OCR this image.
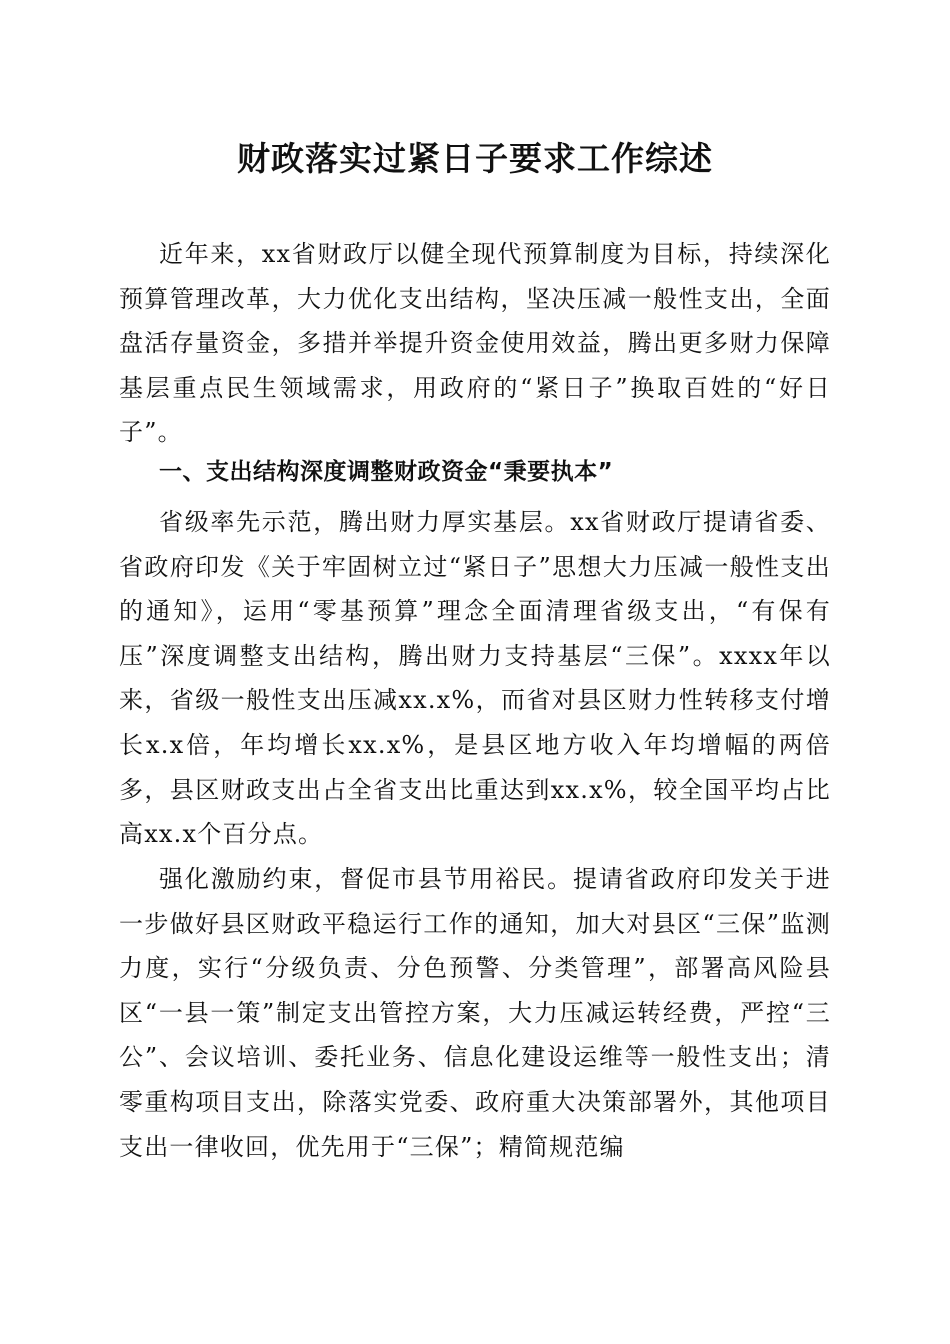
财政落实过紧日子要求工作综述
近年来，xx省财政厅以健全现代预算制度为目标，持续深化预算管理改革，大力优化支出结构，坚决压减一般性支出，全面盘活存量资金，多措并举提升资金使用效益，腾出更多财力保障基层重点民生领域需求，用政府的“紧日子”换取百姓的“好日子”。
一、支出结构深度调整财政资金“秉要执本”
省级率先示范，腾出财力厚实基层。xx省财政厅提请省委、省政府印发《关于牢固树立过“紧日子”思想大力压减一般性支出的通知》，运用“零基预算”理念全面清理省级支出，“有保有压”深度调整支出结构，腾出财力支持基层“三保”。xxxx年以来，省级一般性支出压减xx.x%，而省对县区财力性转移支付增长x.x倍，年均增长xx.x%，是县区地方收入年均增幅的两倍多，县区财政支出占全省支出比重达到xx.x%，较全国平均占比高xx.x个百分点。
强化激励约束，督促市县节用裕民。提请省政府印发关于进一步做好县区财政平稳运行工作的通知，加大对县区“三保”监测力度，实行“分级负责、分色预警、分类管理”，部署高风险县区“一县一策”制定支出管控方案，大力压减运转经费，严控“三公”、会议培训、委托业务、信息化建设运维等一般性支出；清零重构项目支出，除落实党委、政府重大决策部署外，其他项目支出一律收回，优先用于“三保”；精简规范编
